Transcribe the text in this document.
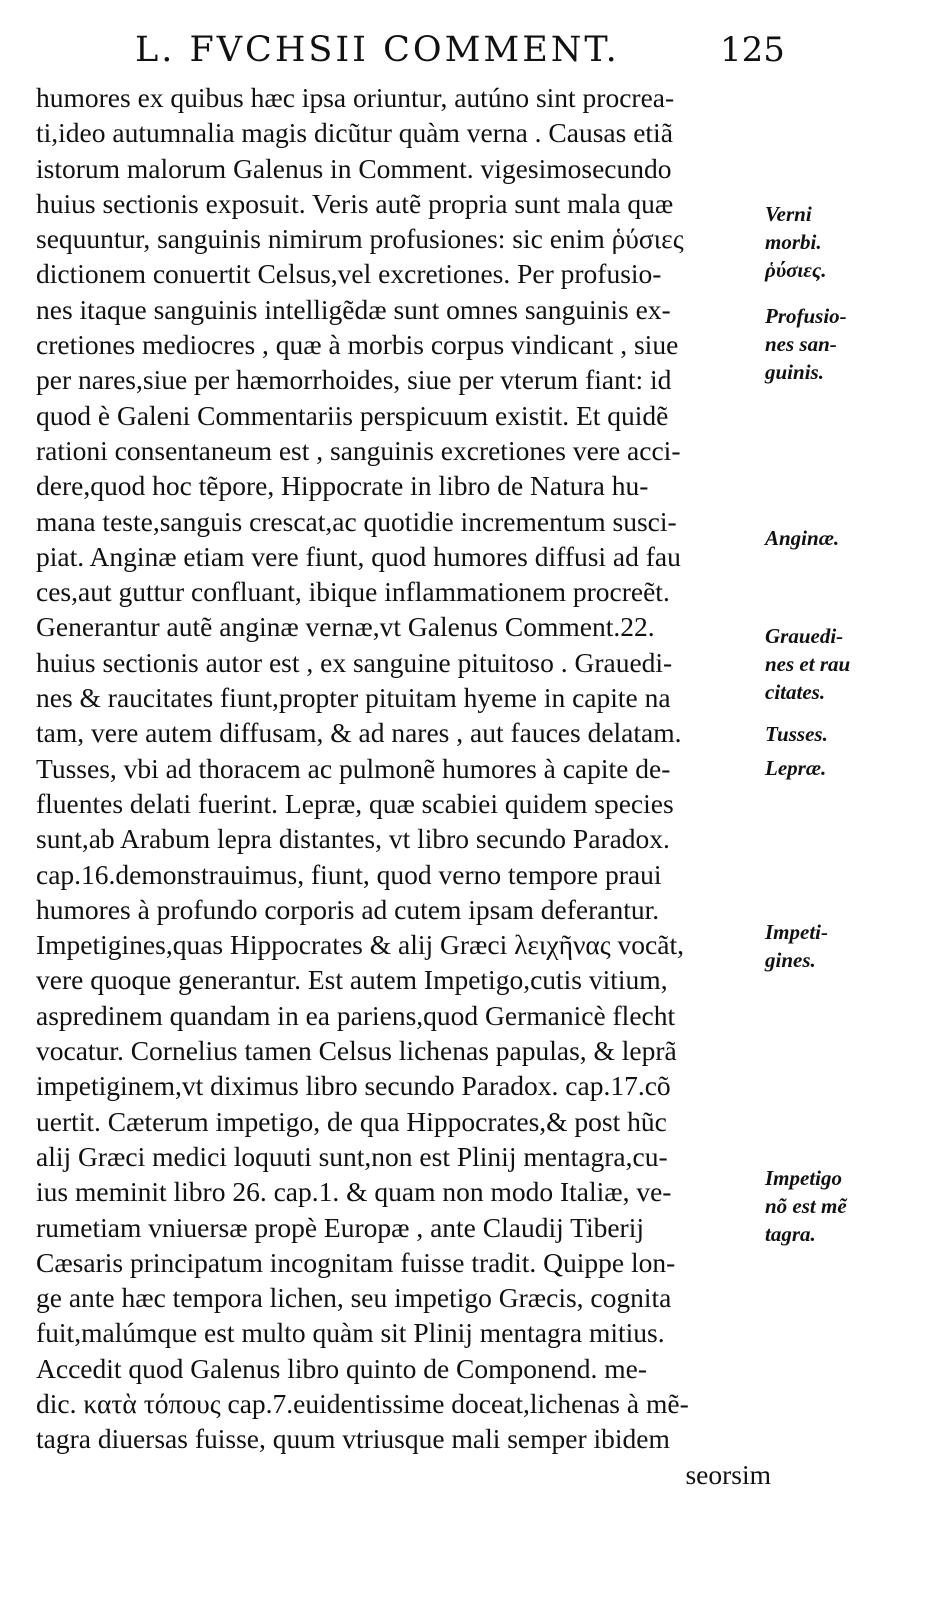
L. FVCHSII COMMENT.	125
humores ex quibus hæc ipsa oriuntur, autúno sint procrea-
ti,ideo autumnalia magis dicũtur quàm verna . Causas etiã
istorum malorum Galenus in Comment. vigesimosecundo
huius sectionis exposuit. Veris autẽ propria sunt mala quæ
sequuntur, sanguinis nimirum profusiones: sic enim ῥύσιες
dictionem conuertit Celsus,vel excretiones. Per profusio-
nes itaque sanguinis intelligẽdæ sunt omnes sanguinis ex-
cretiones mediocres , quæ à morbis corpus vindicant , siue
per nares,siue per hæmorrhoides, siue per vterum fiant: id
quod è Galeni Commentariis perspicuum existit. Et quidẽ
rationi consentaneum est , sanguinis excretiones vere acci-
dere,quod hoc tẽpore, Hippocrate in libro de Natura hu-
mana teste,sanguis crescat,ac quotidie incrementum susci-
piat. Anginæ etiam vere fiunt, quod humores diffusi ad fau
ces,aut guttur confluant, ibique inflammationem procreẽt.
Generantur autẽ anginæ vernæ,vt Galenus Comment.22.
huius sectionis autor est , ex sanguine pituitoso . Grauedi-
nes & raucitates fiunt,propter pituitam hyeme in capite na
tam, vere autem diffusam, & ad nares , aut fauces delatam.
Tusses, vbi ad thoracem ac pulmonẽ humores à capite de-
fluentes delati fuerint. Lepræ, quæ scabiei quidem species
sunt,ab Arabum lepra distantes, vt libro secundo Paradox.
cap.16.demonstrauimus, fiunt, quod verno tempore praui
humores à profundo corporis ad cutem ipsam deferantur.
Impetigines,quas Hippocrates & alij Græci λειχῆνας vocãt,
vere quoque generantur. Est autem Impetigo,cutis vitium,
aspredinem quandam in ea pariens,quod Germanicè flecht
vocatur. Cornelius tamen Celsus lichenas papulas, & leprã
impetiginem,vt diximus libro secundo Paradox. cap.17.cõ
uertit. Cæterum impetigo, de qua Hippocrates,& post hũc
alij Græci medici loquuti sunt,non est Plinij mentagra,cu-
ius meminit libro 26. cap.1. & quam non modo Italiæ, ve-
rumetiam vniuersæ propè Europæ , ante Claudij Tiberij
Cæsaris principatum incognitam fuisse tradit. Quippe lon-
ge ante hæc tempora lichen, seu impetigo Græcis, cognita
fuit,malúmque est multo quàm sit Plinij mentagra mitius.
Accedit quod Galenus libro quinto de Componend. me-
dic. κατὰ τόπους cap.7.euidentissime doceat,lichenas à mẽ-
tagra diuersas fuisse, quum vtriusque mali semper ibidem
seorsim
Verni
morbi.
ῥύσιες.
Profusio-
nes san-
guinis.
Anginæ.
Grauedi-
nes et rau
citates.
Tusses.
Lepræ.
Impeti-
gines.
Impetigo
nõ est mẽ
tagra.
